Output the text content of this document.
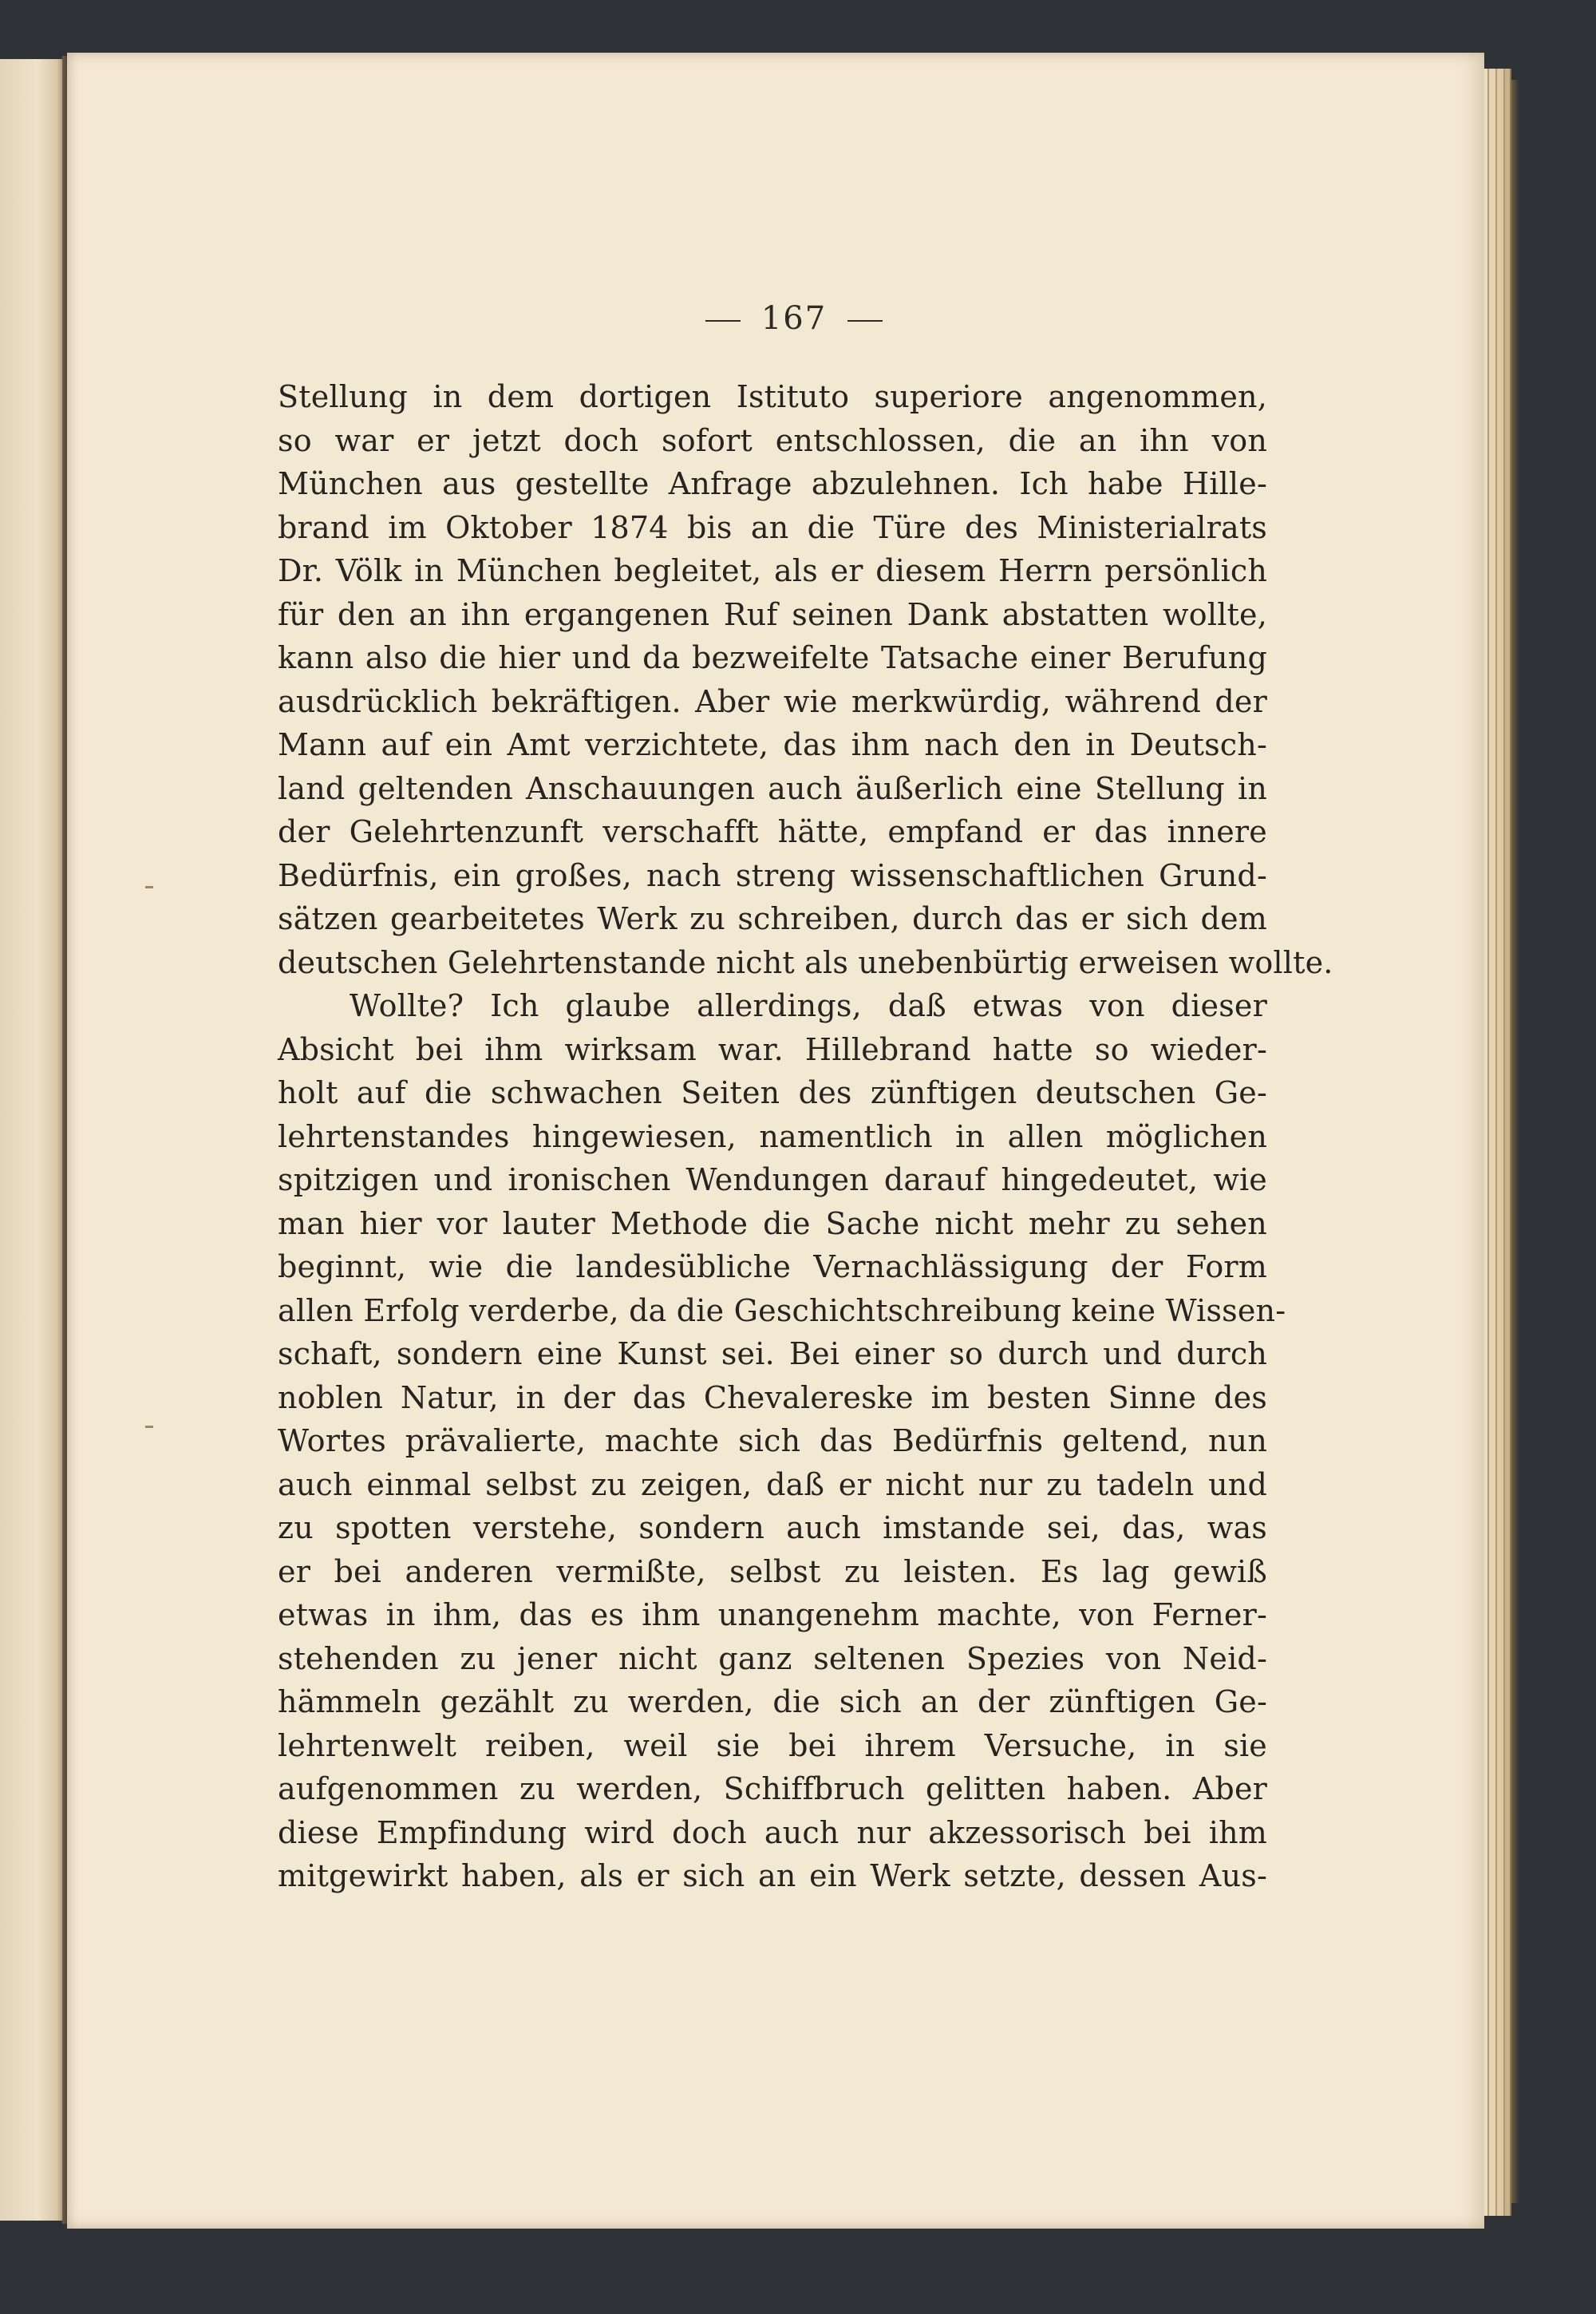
167
Stellung in dem dortigen Istituto superiore angenommen,
so war er jetzt doch sofort entschlossen, die an ihn von
München aus gestellte Anfrage abzulehnen. Ich habe Hille-
brand im Oktober 1874 bis an die Türe des Ministerialrats
Dr. Völk in München begleitet, als er diesem Herrn persönlich
für den an ihn ergangenen Ruf seinen Dank abstatten wollte,
kann also die hier und da bezweifelte Tatsache einer Berufung
ausdrücklich bekräftigen. Aber wie merkwürdig, während der
Mann auf ein Amt verzichtete, das ihm nach den in Deutsch-
land geltenden Anschauungen auch äußerlich eine Stellung in
der Gelehrtenzunft verschafft hätte, empfand er das innere
Bedürfnis, ein großes, nach streng wissenschaftlichen Grund-
sätzen gearbeitetes Werk zu schreiben, durch das er sich dem
deutschen Gelehrtenstande nicht als unebenbürtig erweisen wollte.
Wollte? Ich glaube allerdings, daß etwas von dieser
Absicht bei ihm wirksam war. Hillebrand hatte so wieder-
holt auf die schwachen Seiten des zünftigen deutschen Ge-
lehrtenstandes hingewiesen, namentlich in allen möglichen
spitzigen und ironischen Wendungen darauf hingedeutet, wie
man hier vor lauter Methode die Sache nicht mehr zu sehen
beginnt, wie die landesübliche Vernachlässigung der Form
allen Erfolg verderbe, da die Geschichtschreibung keine Wissen-
schaft, sondern eine Kunst sei. Bei einer so durch und durch
noblen Natur, in der das Chevalereske im besten Sinne des
Wortes prävalierte, machte sich das Bedürfnis geltend, nun
auch einmal selbst zu zeigen, daß er nicht nur zu tadeln und
zu spotten verstehe, sondern auch imstande sei, das, was
er bei anderen vermißte, selbst zu leisten. Es lag gewiß
etwas in ihm, das es ihm unangenehm machte, von Ferner-
stehenden zu jener nicht ganz seltenen Spezies von Neid-
hämmeln gezählt zu werden, die sich an der zünftigen Ge-
lehrtenwelt reiben, weil sie bei ihrem Versuche, in sie
aufgenommen zu werden, Schiffbruch gelitten haben. Aber
diese Empfindung wird doch auch nur akzessorisch bei ihm
mitgewirkt haben, als er sich an ein Werk setzte, dessen Aus-
